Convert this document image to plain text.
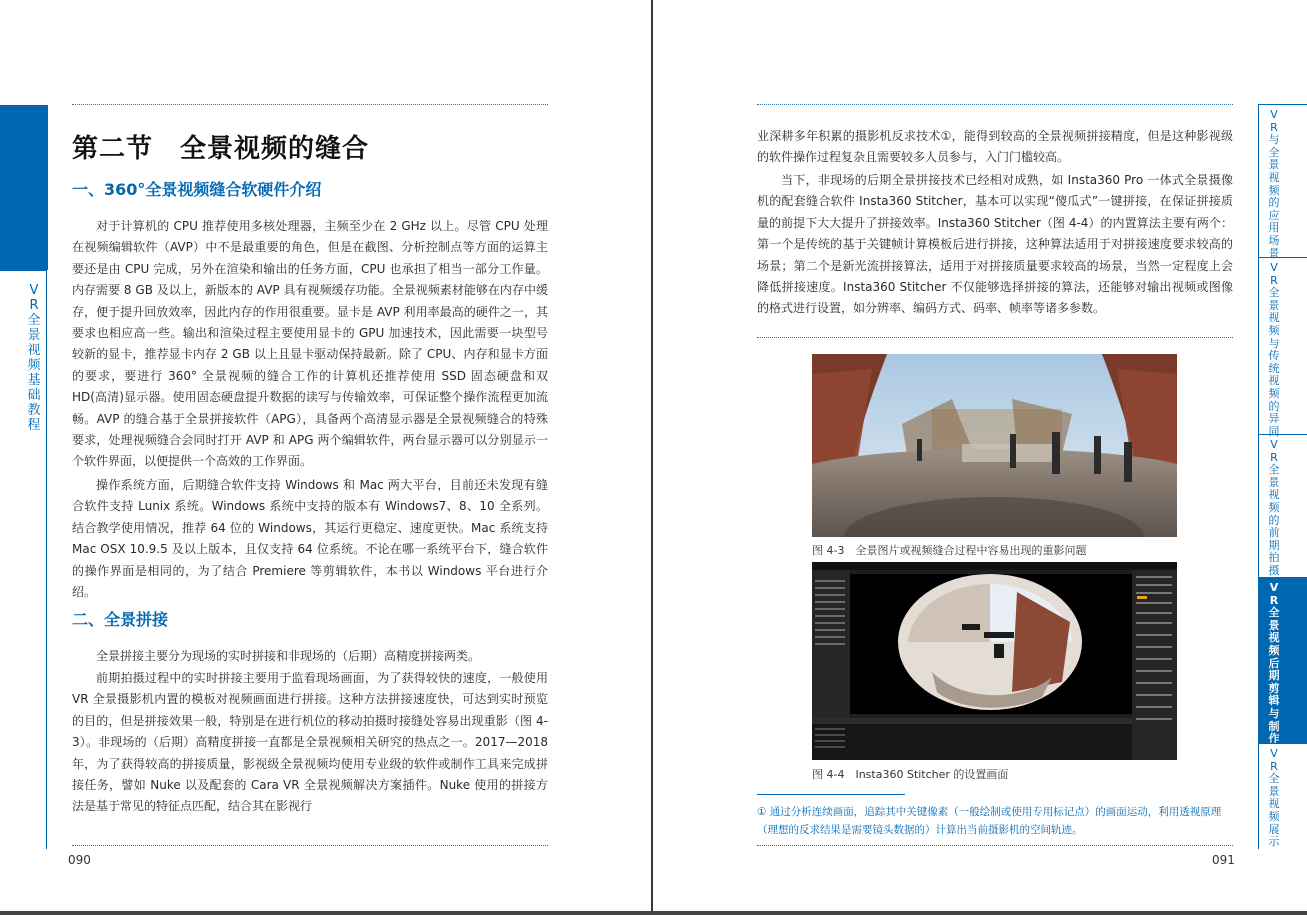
VR全景视频基础教程
第二节　全景视频的缝合
一、360°全景视频缝合软硬件介绍

对于计算机的 CPU 推荐使用多核处理器，主频至少在 2 GHz 以上。尽管 CPU 处理在视频编辑软件（AVP）中不是最重要的角色，但是在截图、分析控制点等方面的运算主要还是由 CPU 完成，另外在渲染和输出的任务方面，CPU 也承担了相当一部分工作量。内存需要 8 GB 及以上，新版本的 AVP 具有视频缓存功能。全景视频素材能够在内存中缓存，便于提升回放效率，因此内存的作用很重要。显卡是 AVP 利用率最高的硬件之一，其要求也相应高一些。输出和渲染过程主要使用显卡的 GPU 加速技术，因此需要一块型号较新的显卡，推荐显卡内存 2 GB 以上且显卡驱动保持最新。除了 CPU、内存和显卡方面的要求，要进行 360° 全景视频的缝合工作的计算机还推荐使用 SSD 固态硬盘和双 HD(高清)显示器。使用固态硬盘提升数据的读写与传输效率，可保证整个操作流程更加流畅。AVP 的缝合基于全景拼接软件（APG），具备两个高清显示器是全景视频缝合的特殊要求，处理视频缝合会同时打开 AVP 和 APG 两个编辑软件，两台显示器可以分别显示一个软件界面，以便提供一个高效的工作界面。

操作系统方面，后期缝合软件支持 Windows 和 Mac 两大平台，目前还未发现有缝合软件支持 Lunix 系统。Windows 系统中支持的版本有 Windows7、8、10 全系列。结合教学使用情况，推荐 64 位的 Windows，其运行更稳定、速度更快。Mac 系统支持 Mac OSX 10.9.5 及以上版本，且仅支持 64 位系统。不论在哪一系统平台下，缝合软件的操作界面是相同的，为了结合 Premiere 等剪辑软件，本书以 Windows 平台进行介绍。

二、全景拼接

全景拼接主要分为现场的实时拼接和非现场的（后期）高精度拼接两类。

前期拍摄过程中的实时拼接主要用于监看现场画面，为了获得较快的速度，一般使用 VR 全景摄影机内置的模板对视频画面进行拼接。这种方法拼接速度快，可达到实时预览的目的，但是拼接效果一般，特别是在进行机位的移动拍摄时接缝处容易出现重影（图 4-3）。非现场的（后期）高精度拼接一直都是全景视频相关研究的热点之一。2017—2018 年，为了获得较高的拼接质量，影视级全景视频均使用专业级的软件或制作工具来完成拼接任务，譬如 Nuke 以及配套的 Cara VR 全景视频解决方案插件。Nuke 使用的拼接方法是基于常见的特征点匹配，结合其在影视行

090

业深耕多年积累的摄影机反求技术①，能得到较高的全景视频拼接精度，但是这种影视级的软件操作过程复杂且需要较多人员参与，入门门槛较高。

当下，非现场的后期全景拼接技术已经相对成熟，如 Insta360 Pro 一体式全景摄像机的配套缝合软件 Insta360 Stitcher，基本可以实现“傻瓜式”一键拼接，在保证拼接质量的前提下大大提升了拼接效率。Insta360 Stitcher（图 4-4）的内置算法主要有两个：第一个是传统的基于关键帧计算模板后进行拼接，这种算法适用于对拼接速度要求较高的场景；第二个是新光流拼接算法，适用于对拼接质量要求较高的场景，当然一定程度上会降低拼接速度。Insta360 Stitcher 不仅能够选择拼接的算法，还能够对输出视频或图像的格式进行设置，如分辨率、编码方式、码率、帧率等诸多参数。

图 4-3　全景图片或视频缝合过程中容易出现的重影问题

图 4-4　Insta360 Stitcher 的设置画面

① 通过分析连续画面，追踪其中关键像素（一般绘制或使用专用标记点）的画面运动，利用透视原理（理想的反求结果是需要镜头数据的）计算出当前摄影机的空间轨迹。

091
VR与全景视频的应用场景
VR全景视频与传统视频的异同
VR全景视频的前期拍摄
VR全景视频后期剪辑与制作
VR全景视频展示
